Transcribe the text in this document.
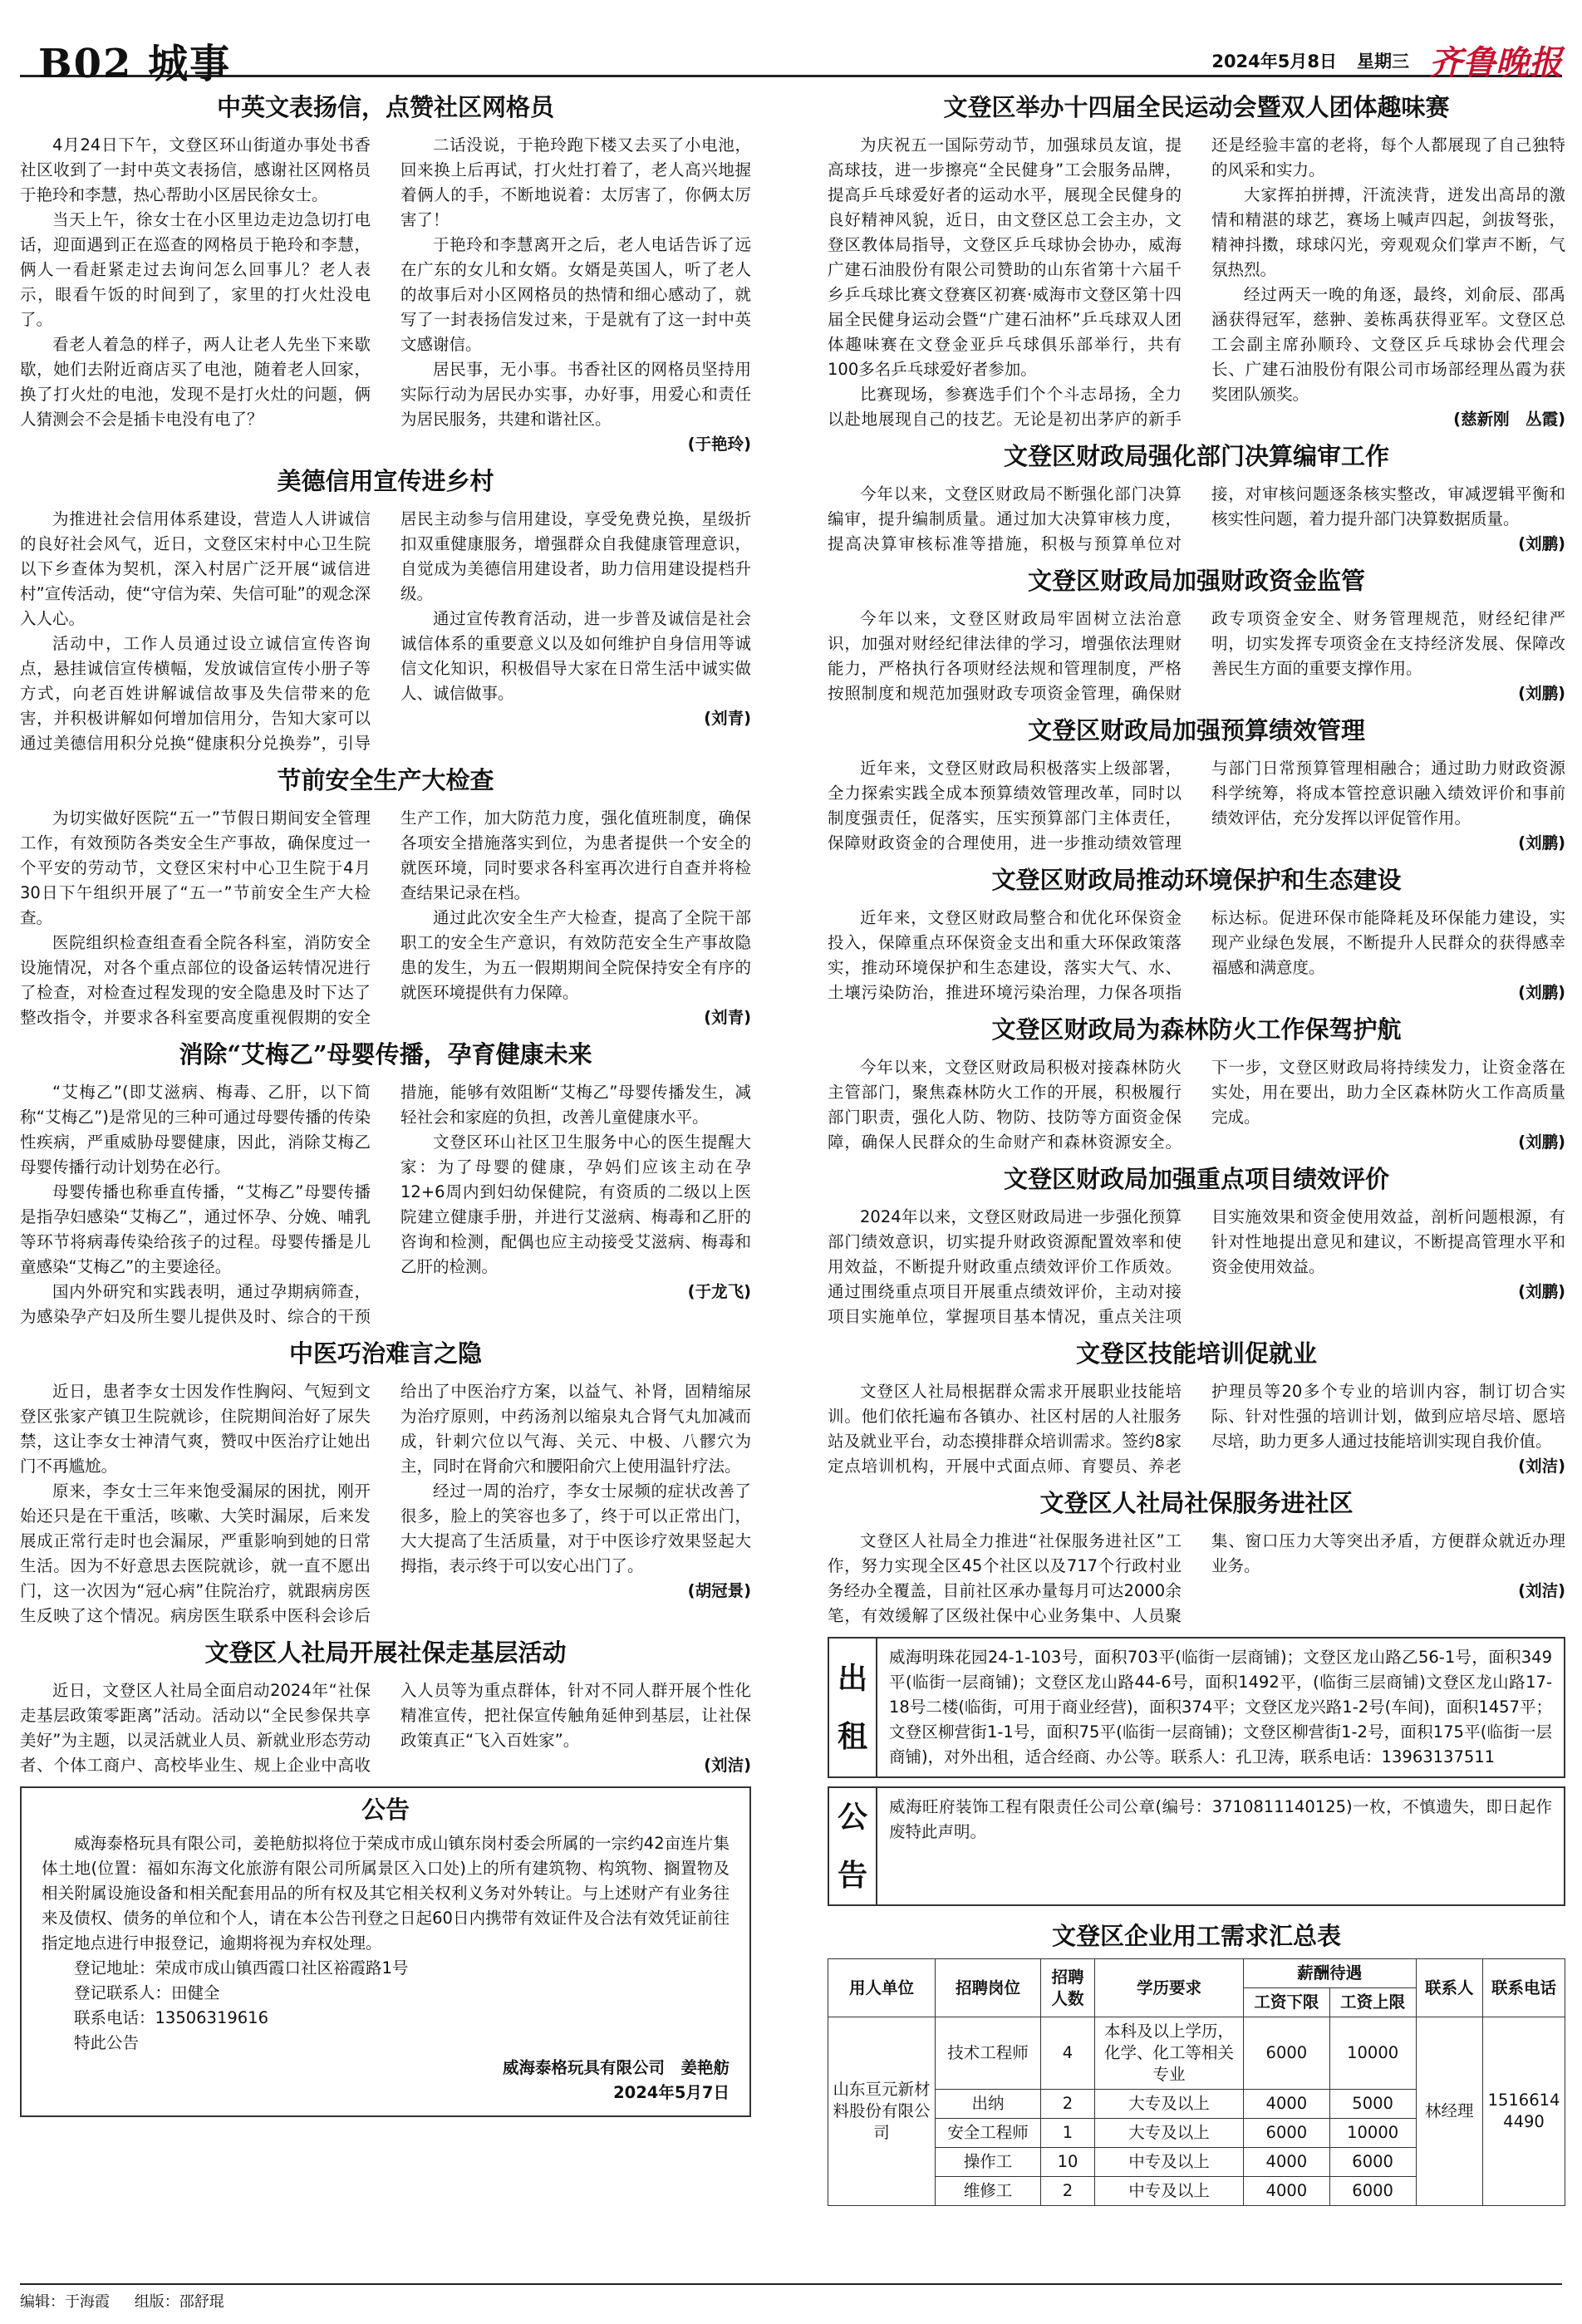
B02 城事	2024年5月8日 星期三 齐鲁晚报
中英文表扬信，点赞社区网格员

4月24日下午，文登区环山街道办事处书香社区收到了一封中英文表扬信，感谢社区网格员于艳玲和李慧，热心帮助小区居民徐女士。

当天上午，徐女士在小区里边走边急切打电话，迎面遇到正在巡查的网格员于艳玲和李慧，俩人一看赶紧走过去询问怎么回事儿？老人表示，眼看午饭的时间到了，家里的打火灶没电了。

看老人着急的样子，两人让老人先坐下来歇歇，她们去附近商店买了电池，随着老人回家，换了打火灶的电池，发现不是打火灶的问题，俩人猜测会不会是插卡电没有电了？

二话没说，于艳玲跑下楼又去买了小电池，回来换上后再试，打火灶打着了，老人高兴地握着俩人的手，不断地说着：太厉害了，你俩太厉害了！

于艳玲和李慧离开之后，老人电话告诉了远在广东的女儿和女婿。女婿是英国人，听了老人的故事后对小区网格员的热情和细心感动了，就写了一封表扬信发过来，于是就有了这一封中英文感谢信。

居民事，无小事。书香社区的网格员坚持用实际行动为居民办实事，办好事，用爱心和责任为居民服务，共建和谐社区。

(于艳玲)
美德信用宣传进乡村

为推进社会信用体系建设，营造人人讲诚信的良好社会风气，近日，文登区宋村中心卫生院以下乡查体为契机，深入村居广泛开展“诚信进村”宣传活动，使“守信为荣、失信可耻”的观念深入人心。

活动中，工作人员通过设立诚信宣传咨询点，悬挂诚信宣传横幅，发放诚信宣传小册子等方式，向老百姓讲解诚信故事及失信带来的危害，并积极讲解如何增加信用分，告知大家可以通过美德信用积分兑换“健康积分兑换券”，引导居民主动参与信用建设，享受免费兑换，星级折扣双重健康服务，增强群众自我健康管理意识，自觉成为美德信用建设者，助力信用建设提档升级。

通过宣传教育活动，进一步普及诚信是社会诚信体系的重要意义以及如何维护自身信用等诚信文化知识，积极倡导大家在日常生活中诚实做人、诚信做事。

(刘青)
节前安全生产大检查

为切实做好医院“五一”节假日期间安全管理工作，有效预防各类安全生产事故，确保度过一个平安的劳动节，文登区宋村中心卫生院于4月30日下午组织开展了“五一”节前安全生产大检查。

医院组织检查组查看全院各科室，消防安全设施情况，对各个重点部位的设备运转情况进行了检查，对检查过程发现的安全隐患及时下达了整改指令，并要求各科室要高度重视假期的安全生产工作，加大防范力度，强化值班制度，确保各项安全措施落实到位，为患者提供一个安全的就医环境，同时要求各科室再次进行自查并将检查结果记录在档。

通过此次安全生产大检查，提高了全院干部职工的安全生产意识，有效防范安全生产事故隐患的发生，为五一假期期间全院保持安全有序的就医环境提供有力保障。

(刘青)
消除“艾梅乙”母婴传播，孕育健康未来

“艾梅乙”(即艾滋病、梅毒、乙肝，以下简称“艾梅乙”)是常见的三种可通过母婴传播的传染性疾病，严重威胁母婴健康，因此，消除艾梅乙母婴传播行动计划势在必行。

母婴传播也称垂直传播，“艾梅乙”母婴传播是指孕妇感染“艾梅乙”，通过怀孕、分娩、哺乳等环节将病毒传染给孩子的过程。母婴传播是儿童感染“艾梅乙”的主要途径。

国内外研究和实践表明，通过孕期病筛查，为感染孕产妇及所生婴儿提供及时、综合的干预措施，能够有效阻断“艾梅乙”母婴传播发生，减轻社会和家庭的负担，改善儿童健康水平。

文登区环山社区卫生服务中心的医生提醒大家：为了母婴的健康，孕妈们应该主动在孕12+6周内到妇幼保健院，有资质的二级以上医院建立健康手册，并进行艾滋病、梅毒和乙肝的咨询和检测，配偶也应主动接受艾滋病、梅毒和乙肝的检测。

(于龙飞)
中医巧治难言之隐

近日，患者李女士因发作性胸闷、气短到文登区张家产镇卫生院就诊，住院期间治好了尿失禁，这让李女士神清气爽，赞叹中医治疗让她出门不再尴尬。

原来，李女士三年来饱受漏尿的困扰，刚开始还只是在干重活，咳嗽、大笑时漏尿，后来发展成正常行走时也会漏尿，严重影响到她的日常生活。因为不好意思去医院就诊，就一直不愿出门，这一次因为“冠心病”住院治疗，就跟病房医生反映了这个情况。病房医生联系中医科会诊后给出了中医治疗方案，以益气、补肾，固精缩尿为治疗原则，中药汤剂以缩泉丸合肾气丸加减而成，针刺穴位以气海、关元、中极、八髎穴为主，同时在肾俞穴和腰阳俞穴上使用温针疗法。

经过一周的治疗，李女士尿频的症状改善了很多，脸上的笑容也多了，终于可以正常出门，大大提高了生活质量，对于中医诊疗效果竖起大拇指，表示终于可以安心出门了。

(胡冠景)
文登区人社局开展社保走基层活动

近日，文登区人社局全面启动2024年“社保走基层政策零距离”活动。活动以“全民参保共享美好”为主题，以灵活就业人员、新就业形态劳动者、个体工商户、高校毕业生、规上企业中高收入人员等为重点群体，针对不同人群开展个性化精准宣传，把社保宣传触角延伸到基层，让社保政策真正“飞入百姓家”。

(刘洁)
公告

威海泰格玩具有限公司，姜艳舫拟将位于荣成市成山镇东岗村委会所属的一宗约42亩连片集体土地(位置：福如东海文化旅游有限公司所属景区入口处)上的所有建筑物、构筑物、搁置物及相关附属设施设备和相关配套用品的所有权及其它相关权利义务对外转让。与上述财产有业务往来及债权、债务的单位和个人，请在本公告刊登之日起60日内携带有效证件及合法有效凭证前往指定地点进行申报登记，逾期将视为弃权处理。

登记地址：荣成市成山镇西霞口社区裕霞路1号
登记联系人：田健全
联系电话：13506319616
特此公告
威海泰格玩具有限公司　姜艳舫
2024年5月7日
文登区举办十四届全民运动会暨双人团体趣味赛

为庆祝五一国际劳动节，加强球员友谊，提高球技，进一步擦亮“全民健身”工会服务品牌，提高乒乓球爱好者的运动水平，展现全民健身的良好精神风貌，近日，由文登区总工会主办，文登区教体局指导，文登区乒乓球协会协办，威海广建石油股份有限公司赞助的山东省第十六届千乡乒乓球比赛文登赛区初赛·威海市文登区第十四届全民健身运动会暨“广建石油杯”乒乓球双人团体趣味赛在文登金亚乒乓球俱乐部举行，共有100多名乒乓球爱好者参加。

比赛现场，参赛选手们个个斗志昂扬，全力以赴地展现自己的技艺。无论是初出茅庐的新手还是经验丰富的老将，每个人都展现了自己独特的风采和实力。

大家挥拍拼搏，汗流浃背，迸发出高昂的激情和精湛的球艺，赛场上喊声四起，剑拔弩张，精神抖擞，球球闪光，旁观观众们掌声不断，气氛热烈。

经过两天一晚的角逐，最终，刘俞辰、邵禹涵获得冠军，慈翀、姜栋禹获得亚军。文登区总工会副主席孙顺玲、文登区乒乓球协会代理会长、广建石油股份有限公司市场部经理丛霞为获奖团队颁奖。

(慈新刚　丛霞)
文登区财政局强化部门决算编审工作

今年以来，文登区财政局不断强化部门决算编审，提升编制质量。通过加大决算审核力度，提高决算审核标准等措施，积极与预算单位对接，对审核问题逐条核实整改，审减逻辑平衡和核实性问题，着力提升部门决算数据质量。

(刘鹏)
文登区财政局加强财政资金监管

今年以来，文登区财政局牢固树立法治意识，加强对财经纪律法律的学习，增强依法理财能力，严格执行各项财经法规和管理制度，严格按照制度和规范加强财政专项资金管理，确保财政专项资金安全、财务管理规范，财经纪律严明，切实发挥专项资金在支持经济发展、保障改善民生方面的重要支撑作用。

(刘鹏)
文登区财政局加强预算绩效管理

近年来，文登区财政局积极落实上级部署，全力探索实践全成本预算绩效管理改革，同时以制度强责任，促落实，压实预算部门主体责任，保障财政资金的合理使用，进一步推动绩效管理与部门日常预算管理相融合；通过助力财政资源科学统筹，将成本管控意识融入绩效评价和事前绩效评估，充分发挥以评促管作用。

(刘鹏)
文登区财政局推动环境保护和生态建设

近年来，文登区财政局整合和优化环保资金投入，保障重点环保资金支出和重大环保政策落实，推动环境保护和生态建设，落实大气、水、土壤污染防治，推进环境污染治理，力保各项指标达标。促进环保市能降耗及环保能力建设，实现产业绿色发展，不断提升人民群众的获得感幸福感和满意度。

(刘鹏)
文登区财政局为森林防火工作保驾护航

今年以来，文登区财政局积极对接森林防火主管部门，聚焦森林防火工作的开展，积极履行部门职责，强化人防、物防、技防等方面资金保障，确保人民群众的生命财产和森林资源安全。下一步，文登区财政局将持续发力，让资金落在实处，用在要出，助力全区森林防火工作高质量完成。

(刘鹏)
文登区财政局加强重点项目绩效评价

2024年以来，文登区财政局进一步强化预算部门绩效意识，切实提升财政资源配置效率和使用效益，不断提升财政重点绩效评价工作质效。通过围绕重点项目开展重点绩效评价，主动对接项目实施单位，掌握项目基本情况，重点关注项目实施效果和资金使用效益，剖析问题根源，有针对性地提出意见和建议，不断提高管理水平和资金使用效益。

(刘鹏)
文登区技能培训促就业

文登区人社局根据群众需求开展职业技能培训。他们依托遍布各镇办、社区村居的人社服务站及就业平台，动态摸排群众培训需求。签约8家定点培训机构，开展中式面点师、育婴员、养老护理员等20多个专业的培训内容，制订切合实际、针对性强的培训计划，做到应培尽培、愿培尽培，助力更多人通过技能培训实现自我价值。

(刘洁)
文登区人社局社保服务进社区

文登区人社局全力推进“社保服务进社区”工作，努力实现全区45个社区以及717个行政村业务经办全覆盖，目前社区承办量每月可达2000余笔，有效缓解了区级社保中心业务集中、人员聚集、窗口压力大等突出矛盾，方便群众就近办理业务。

(刘洁)
出
租
威海明珠花园24-1-103号，面积703平(临街一层商铺)；文登区龙山路乙56-1号，面积349平(临街一层商铺)；文登区龙山路44-6号，面积1492平，(临街三层商铺)文登区龙山路17-18号二楼(临街，可用于商业经营)，面积374平；文登区龙兴路1-2号(车间)，面积1457平；文登区柳营街1-1号，面积75平(临街一层商铺)；文登区柳营街1-2号，面积175平(临街一层商铺)，对外出租，适合经商、办公等。联系人：孔卫涛，联系电话：13963137511
公
告
威海旺府装饰工程有限责任公司公章(编号：3710811140125)一枚，不慎遗失，即日起作废特此声明。
文登区企业用工需求汇总表
用人单位	招聘岗位	招聘人数	学历要求	薪酬待遇		联系人	联系电话
				工资下限	工资上限		
山东亘元新材料股份有限公司	技术工程师	4	本科及以上学历，化学、化工等相关专业	6000	10000	林经理	15166144490
	出纳	2	大专及以上	4000	5000		
	安全工程师	1	大专及以上	6000	10000		
	操作工	10	中专及以上	4000	6000		
	维修工	2	中专及以上	4000	6000		
编辑：于海霞 组版：邵舒琨
